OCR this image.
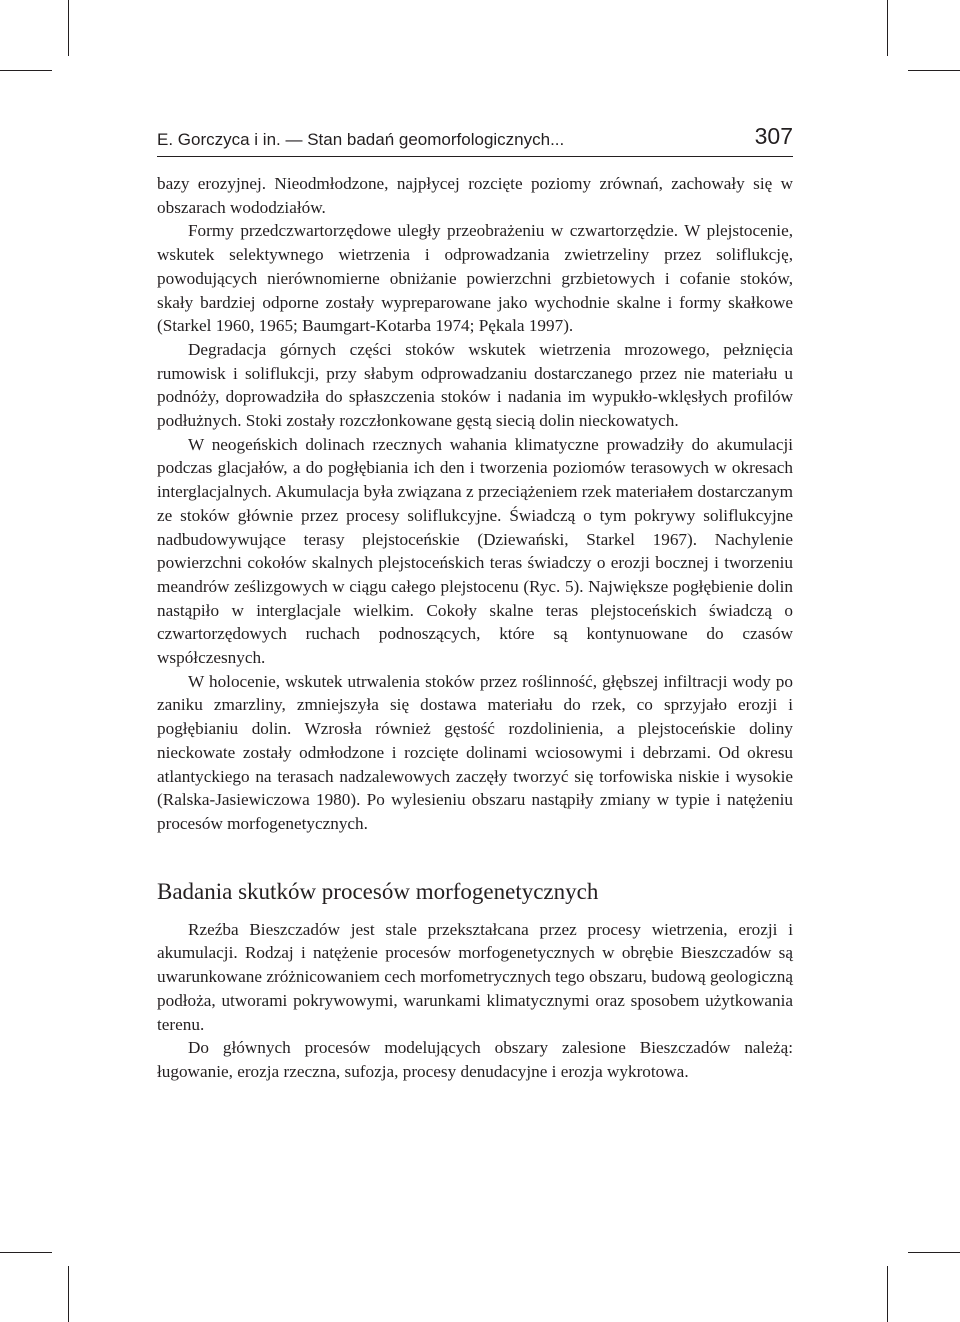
E. Gorczyca i in. — Stan badań geomorfologicznych...	307

bazy erozyjnej. Nieodmłodzone, najpłycej rozcięte poziomy zrównań, zachowały się w obszarach wododziałów.

Formy przedczwartorzędowe uległy przeobrażeniu w czwartorzędzie. W plejstocenie, wskutek selektywnego wietrzenia i odprowadzania zwietrzeliny przez soliflukcję, powodujących nierównomierne obniżanie powierzchni grzbietowych i cofanie stoków, skały bardziej odporne zostały wypreparowane jako wychodnie skalne i formy skałkowe (Starkel 1960, 1965; Baumgart-Kotarba 1974; Pękala 1997).

Degradacja górnych części stoków wskutek wietrzenia mrozowego, pełznięcia rumowisk i soliflukcji, przy słabym odprowadzaniu dostarczanego przez nie materiału u podnóży, doprowadziła do spłaszczenia stoków i nadania im wypukło-wklęsłych profilów podłużnych. Stoki zostały rozczłonkowane gęstą siecią dolin nieckowatych.

W neogeńskich dolinach rzecznych wahania klimatyczne prowadziły do akumulacji podczas glacjałów, a do pogłębiania ich den i tworzenia poziomów terasowych w okresach interglacjalnych. Akumulacja była związana z przeciążeniem rzek materiałem dostarczanym ze stoków głównie przez procesy soliflukcyjne. Świadczą o tym pokrywy soliflukcyjne nadbudowywujące terasy plejstoceńskie (Dziewański, Starkel 1967). Nachylenie powierzchni cokołów skalnych plejstoceńskich teras świadczy o erozji bocznej i tworzeniu meandrów ześlizgowych w ciągu całego plejstocenu (Ryc. 5). Największe pogłębienie dolin nastąpiło w interglacjale wielkim. Cokoły skalne teras plejstoceńskich świadczą o czwartorzędowych ruchach podnoszących, które są kontynuowane do czasów współczesnych.

W holocenie, wskutek utrwalenia stoków przez roślinność, głębszej infiltracji wody po zaniku zmarzliny, zmniejszyła się dostawa materiału do rzek, co sprzyjało erozji i pogłębianiu dolin. Wzrosła również gęstość rozdolinienia, a plejstoceńskie doliny nieckowate zostały odmłodzone i rozcięte dolinami wciosowymi i debrzami. Od okresu atlantyckiego na terasach nadzalewowych zaczęły tworzyć się torfowiska niskie i wysokie (Ralska-Jasiewiczowa 1980). Po wylesieniu obszaru nastąpiły zmiany w typie i natężeniu procesów morfogenetycznych.

Badania skutków procesów morfogenetycznych

Rzeźba Bieszczadów jest stale przekształcana przez procesy wietrzenia, erozji i akumulacji. Rodzaj i natężenie procesów morfogenetycznych w obrębie Bieszczadów są uwarunkowane zróżnicowaniem cech morfometrycznych tego obszaru, budową geologiczną podłoża, utworami pokrywowymi, warunkami klimatycznymi oraz sposobem użytkowania terenu.

Do głównych procesów modelujących obszary zalesione Bieszczadów należą: ługowanie, erozja rzeczna, sufozja, procesy denudacyjne i erozja wykrotowa.
